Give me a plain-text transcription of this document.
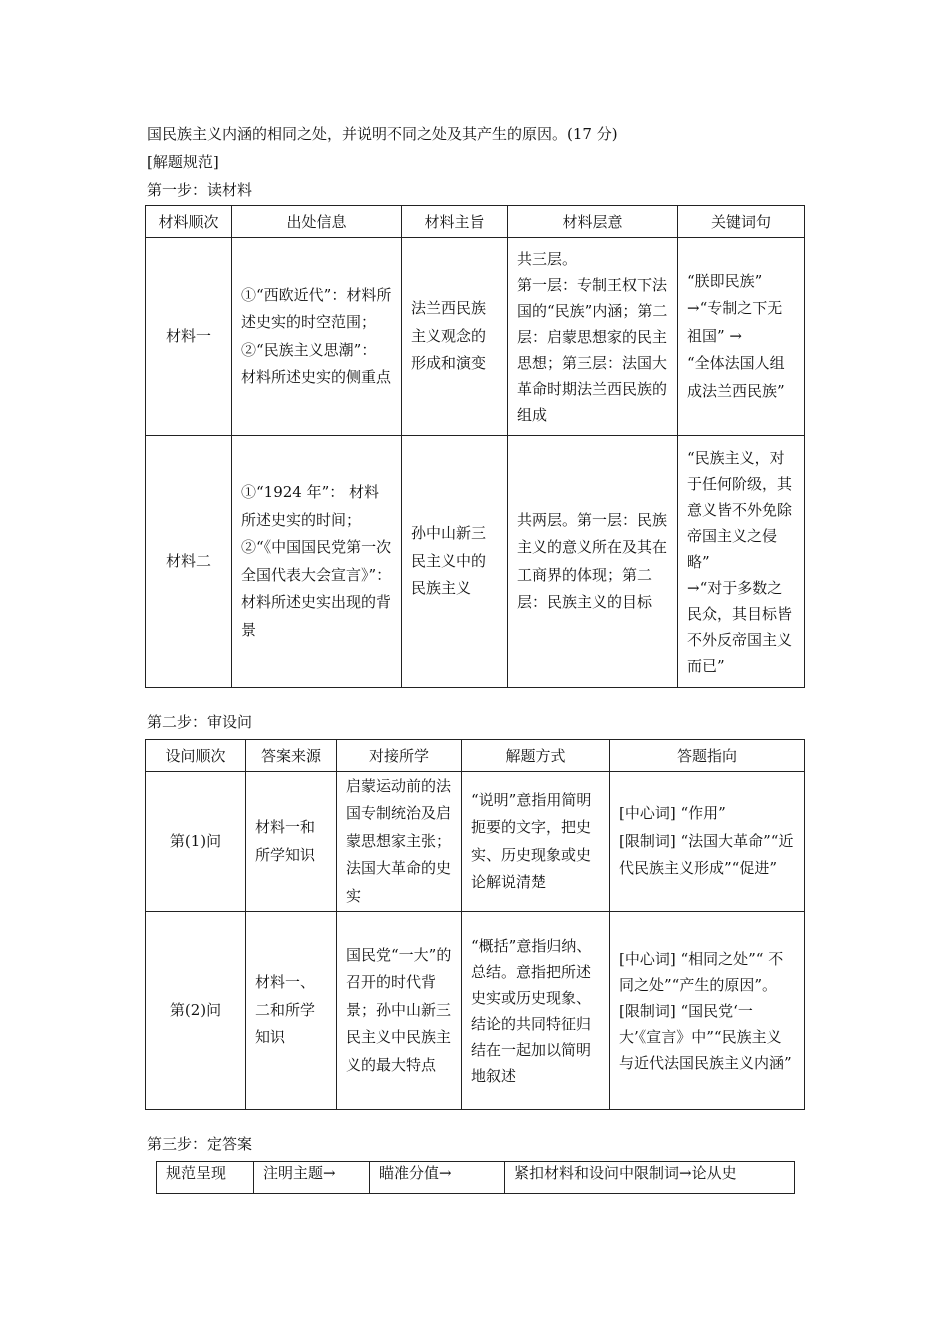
国民族主义内涵的相同之处，并说明不同之处及其产生的原因。(17 分)
[解题规范]
第一步：读材料
材料顺次	出处信息	材料主旨	材料层意	关键词句
材料一	①“西欧近代”：材料所述史实的时空范围；②“民族主义思潮”： 材料所述史实的侧重点	法兰西民族主义观念的形成和演变	共三层。
第一层：专制王权下法国的“民族”内涵；第二层：启蒙思想家的民主思想；第三层：法国大革命时期法兰西民族的组成	“朕即民族”
→“专制之下无祖国” →
“全体法国人组成法兰西民族”
材料二	①“1924 年”： 材料所述史实的时间；②“《中国国民党第一次全国代表大会宣言》”：材料所述史实出现的背景	孙中山新三民主义中的民族主义	共两层。第一层：民族主义的意义所在及其在工商界的体现；第二层：民族主义的目标	“民族主义，对于任何阶级，其意义皆不外免除帝国主义之侵略”
→“对于多数之民众，其目标皆不外反帝国主义而已”
第二步：审设问
设问顺次	答案来源	对接所学	解题方式	答题指向
第(1)问	材料一和所学知识	启蒙运动前的法国专制统治及启蒙思想家主张；法国大革命的史实	“说明”意指用简明扼要的文字，把史实、历史现象或史论解说清楚	[中心词] “作用”
[限制词] “法国大革命”“近代民族主义形成”“促进”
第(2)问	材料一、二和所学知识	国民党“一大”的召开的时代背景；孙中山新三民主义中民族主义的最大特点	“概括”意指归纳、总结。意指把所述史实或历史现象、结论的共同特征归结在一起加以简明地叙述	[中心词] “相同之处”“ 不同之处”“产生的原因”。
[限制词] “国民党‘一大’《宣言》中”“民族主义与近代法国民族主义内涵”
第三步：定答案
规范呈现	注明主题→	瞄准分值→	紧扣材料和设问中限制词→论从史
